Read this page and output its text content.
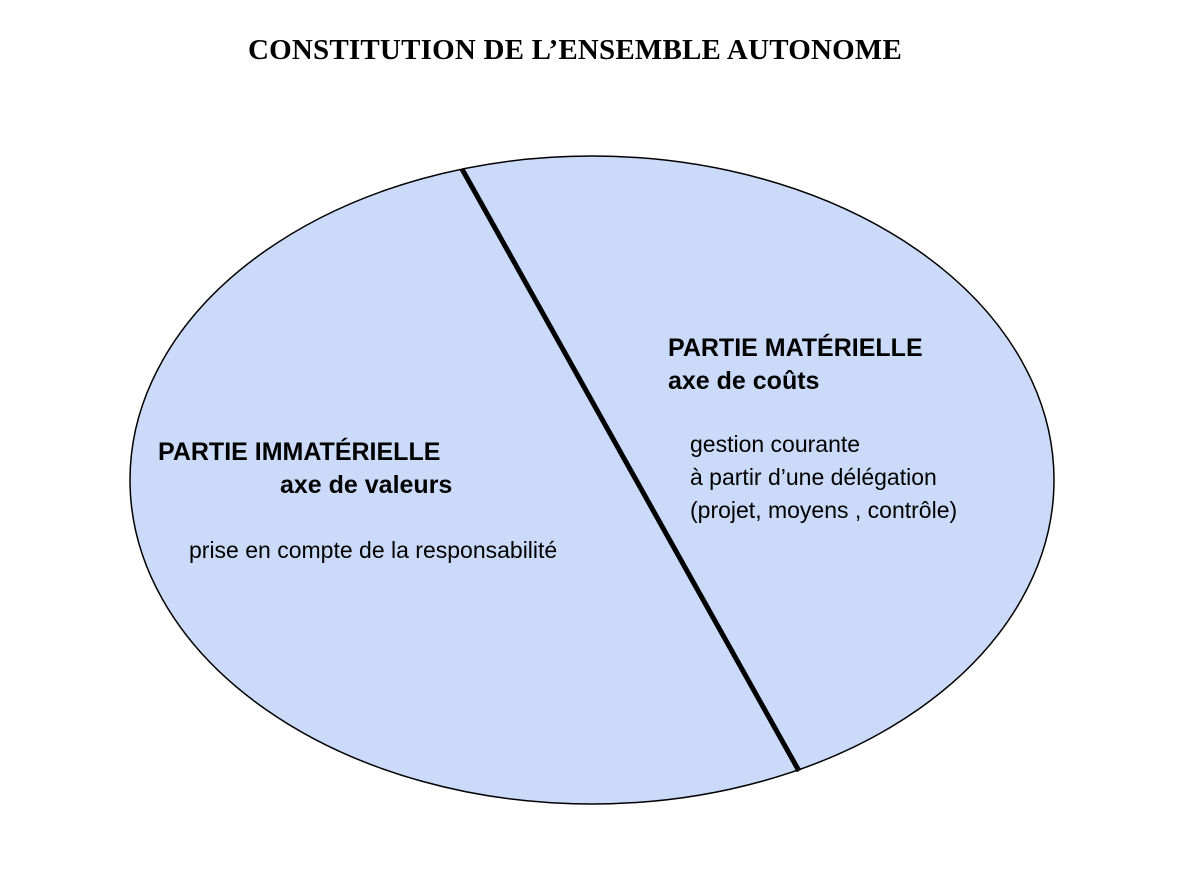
CONSTITUTION DE L’ENSEMBLE AUTONOME
PARTIE IMMATÉRIELLE
axe de valeurs
prise en compte de la responsabilité
PARTIE MATÉRIELLE
axe de coûts
gestion courante
à partir d’une délégation
(projet, moyens , contrôle)
